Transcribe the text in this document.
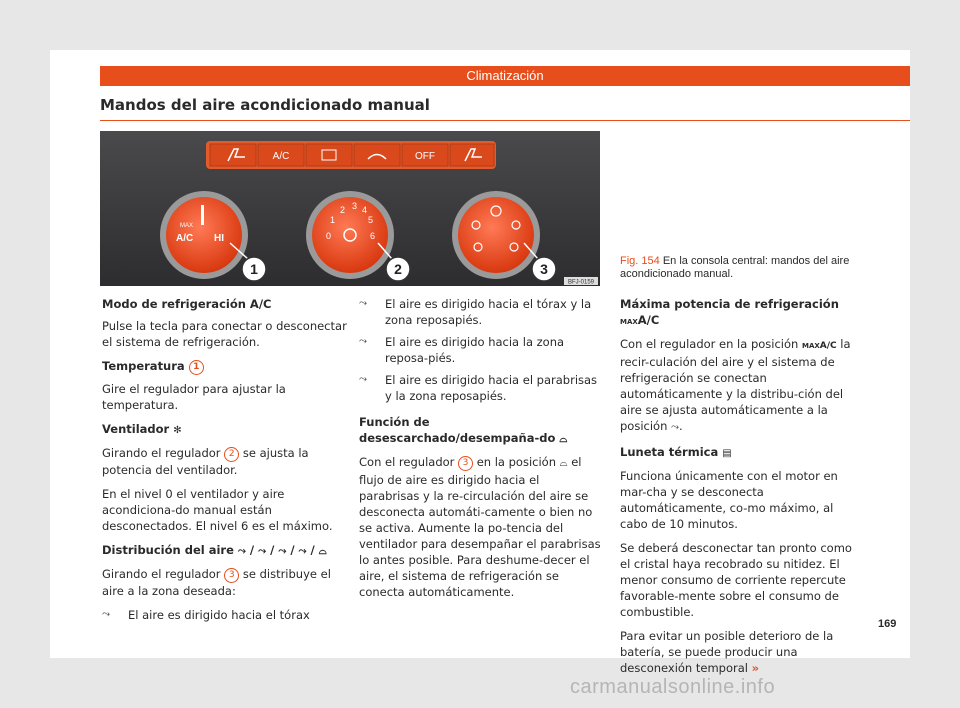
Climatización
Mandos del aire acondicionado manual
A/C	OFF
MAX
A/C HI	0
1
2 3 4
5
6
1	2	3
BFJ-0159
Fig. 154 En la consola central: mandos del aire acondicionado manual.
Modo de refrigeración A/C

Pulse la tecla para conectar o desconectar el sistema de refrigeración.

Temperatura 1

Gire el regulador para ajustar la temperatura.

Ventilador ✻

Girando el regulador 2 se ajusta la potencia del ventilador.

En el nivel 0 el ventilador y aire acondiciona-do manual están desconectados. El nivel 6 es el máximo.

Distribución del aire ⤳ / ⤳ / ⤳ / ⤳ / ⌓

Girando el regulador 3 se distribuye el aire a la zona deseada:

⤳ El aire es dirigido hacia el tórax
⤳ El aire es dirigido hacia el tórax y la zona reposapiés.
⤳ El aire es dirigido hacia la zona reposa-piés.
⤳ El aire es dirigido hacia el parabrisas y la zona reposapiés.
Función de desescarchado/desempaña-do ⌓

Con el regulador 3 en la posición ⌓ el flujo de aire es dirigido hacia el parabrisas y la re-circulación del aire se desconecta automáti-camente o bien no se activa. Aumente la po-tencia del ventilador para desempañar el parabrisas lo antes posible. Para deshume-decer el aire, el sistema de refrigeración se conecta automáticamente.

Máxima potencia de refrigeración MAXA/C

Con el regulador en la posición MAXA/C la recir-culación del aire y el sistema de refrigeración se conectan automáticamente y la distribu-ción del aire se ajusta automáticamente a la posición ⤳.

Luneta térmica ▤

Funciona únicamente con el motor en mar-cha y se desconecta automáticamente, co-mo máximo, al cabo de 10 minutos.

Se deberá desconectar tan pronto como el cristal haya recobrado su nitidez. El menor consumo de corriente repercute favorable-mente sobre el consumo de combustible.

Para evitar un posible deterioro de la batería, se puede producir una desconexión temporal »

169
carmanualsonline.info
